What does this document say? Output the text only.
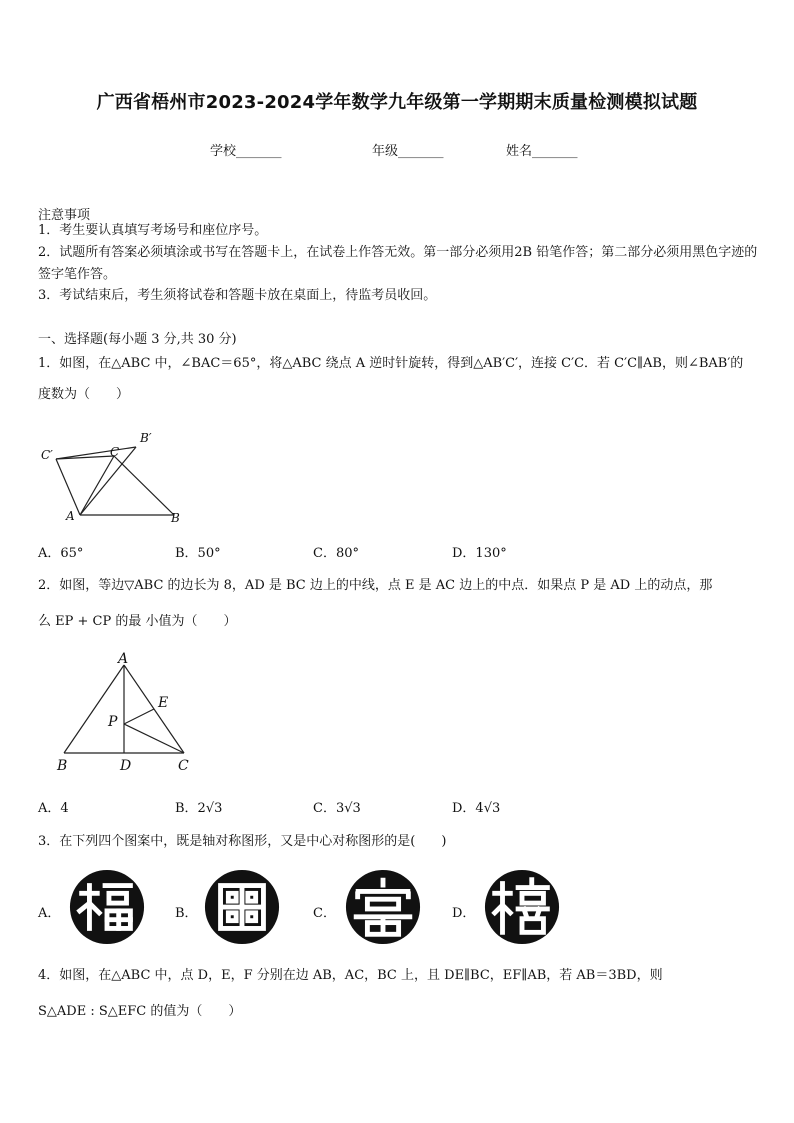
广西省梧州市2023-2024学年数学九年级第一学期期末质量检测模拟试题
学校_______	年级_______	姓名_______
注意事项
1．考生要认真填写考场号和座位序号。
2．试题所有答案必须填涂或书写在答题卡上，在试卷上作答无效。第一部分必须用2B 铅笔作答；第二部分必须用黑色字迹的签字笔作答。
3．考试结束后，考生须将试卷和答题卡放在桌面上，待监考员收回。
一、选择题(每小题 3 分,共 30 分)
1．如图，在△ABC 中，∠BAC＝65°，将△ABC 绕点 A 逆时针旋转，得到△AB′C′，连接 C′C．若 C′C∥AB，则∠BAB′的
度数为（　　）
C′	C
B′
A	B
A．65°	B．50°	C．80°	D．130°
2．如图，等边▽ABC 的边长为 8，AD 是 BC 边上的中线，点 E 是 AC 边上的中点．如果点 P 是 AD 上的动点，那
么 EP + CP 的最 小值为（　　）
A
E
P
B	D	C
A．4	B．2√3	C．3√3	D．4√3
3．在下列四个图案中，既是轴对称图形，又是中心对称图形的是(　　)
A．	B．	C．	D．
4．如图，在△ABC 中，点 D，E，F 分别在边 AB，AC，BC 上，且 DE∥BC，EF∥AB，若 AB＝3BD，则
S△ADE : S△EFC 的值为（　　）
